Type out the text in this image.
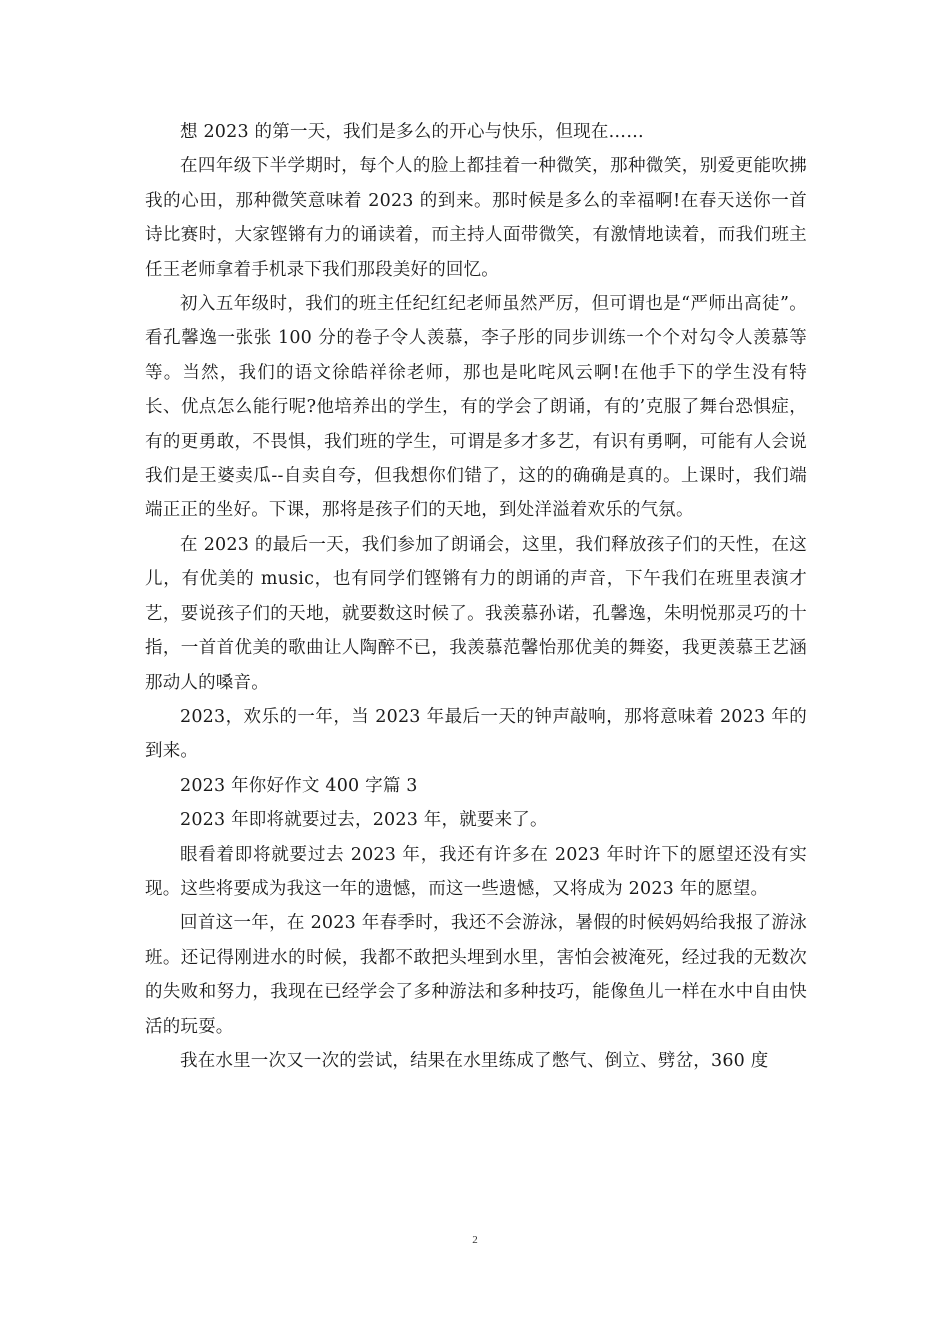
想 2023 的第一天，我们是多么的开心与快乐，但现在……

在四年级下半学期时，每个人的脸上都挂着一种微笑，那种微笑，别爱更能吹拂我的心田，那种微笑意味着 2023 的到来。那时候是多么的幸福啊!在春天送你一首诗比赛时，大家铿锵有力的诵读着，而主持人面带微笑，有激情地读着，而我们班主任王老师拿着手机录下我们那段美好的回忆。

初入五年级时，我们的班主任纪红纪老师虽然严厉，但可谓也是“严师出高徒”。看孔馨逸一张张 100 分的卷子令人羡慕，李子彤的同步训练一个个对勾令人羡慕等等。当然，我们的语文徐皓祥徐老师，那也是叱咤风云啊!在他手下的学生没有特长、优点怎么能行呢?他培养出的学生，有的学会了朗诵，有的’克服了舞台恐惧症，有的更勇敢，不畏惧，我们班的学生，可谓是多才多艺，有识有勇啊，可能有人会说我们是王婆卖瓜--自卖自夸，但我想你们错了，这的的确确是真的。上课时，我们端端正正的坐好。下课，那将是孩子们的天地，到处洋溢着欢乐的气氛。

在 2023 的最后一天，我们参加了朗诵会，这里，我们释放孩子们的天性，在这儿，有优美的 music，也有同学们铿锵有力的朗诵的声音，下午我们在班里表演才艺，要说孩子们的天地，就要数这时候了。我羡慕孙诺，孔馨逸，朱明悦那灵巧的十指，一首首优美的歌曲让人陶醉不已，我羡慕范馨怡那优美的舞姿，我更羡慕王艺涵那动人的嗓音。

2023，欢乐的一年，当 2023 年最后一天的钟声敲响，那将意味着 2023 年的到来。

2023 年你好作文 400 字篇 3

2023 年即将就要过去，2023 年，就要来了。

眼看着即将就要过去 2023 年，我还有许多在 2023 年时许下的愿望还没有实现。这些将要成为我这一年的遗憾，而这一些遗憾，又将成为 2023 年的愿望。

回首这一年，在 2023 年春季时，我还不会游泳，暑假的时候妈妈给我报了游泳班。还记得刚进水的时候，我都不敢把头埋到水里，害怕会被淹死，经过我的无数次的失败和努力，我现在已经学会了多种游法和多种技巧，能像鱼儿一样在水中自由快活的玩耍。

我在水里一次又一次的尝试，结果在水里练成了憋气、倒立、劈岔，360 度

2
